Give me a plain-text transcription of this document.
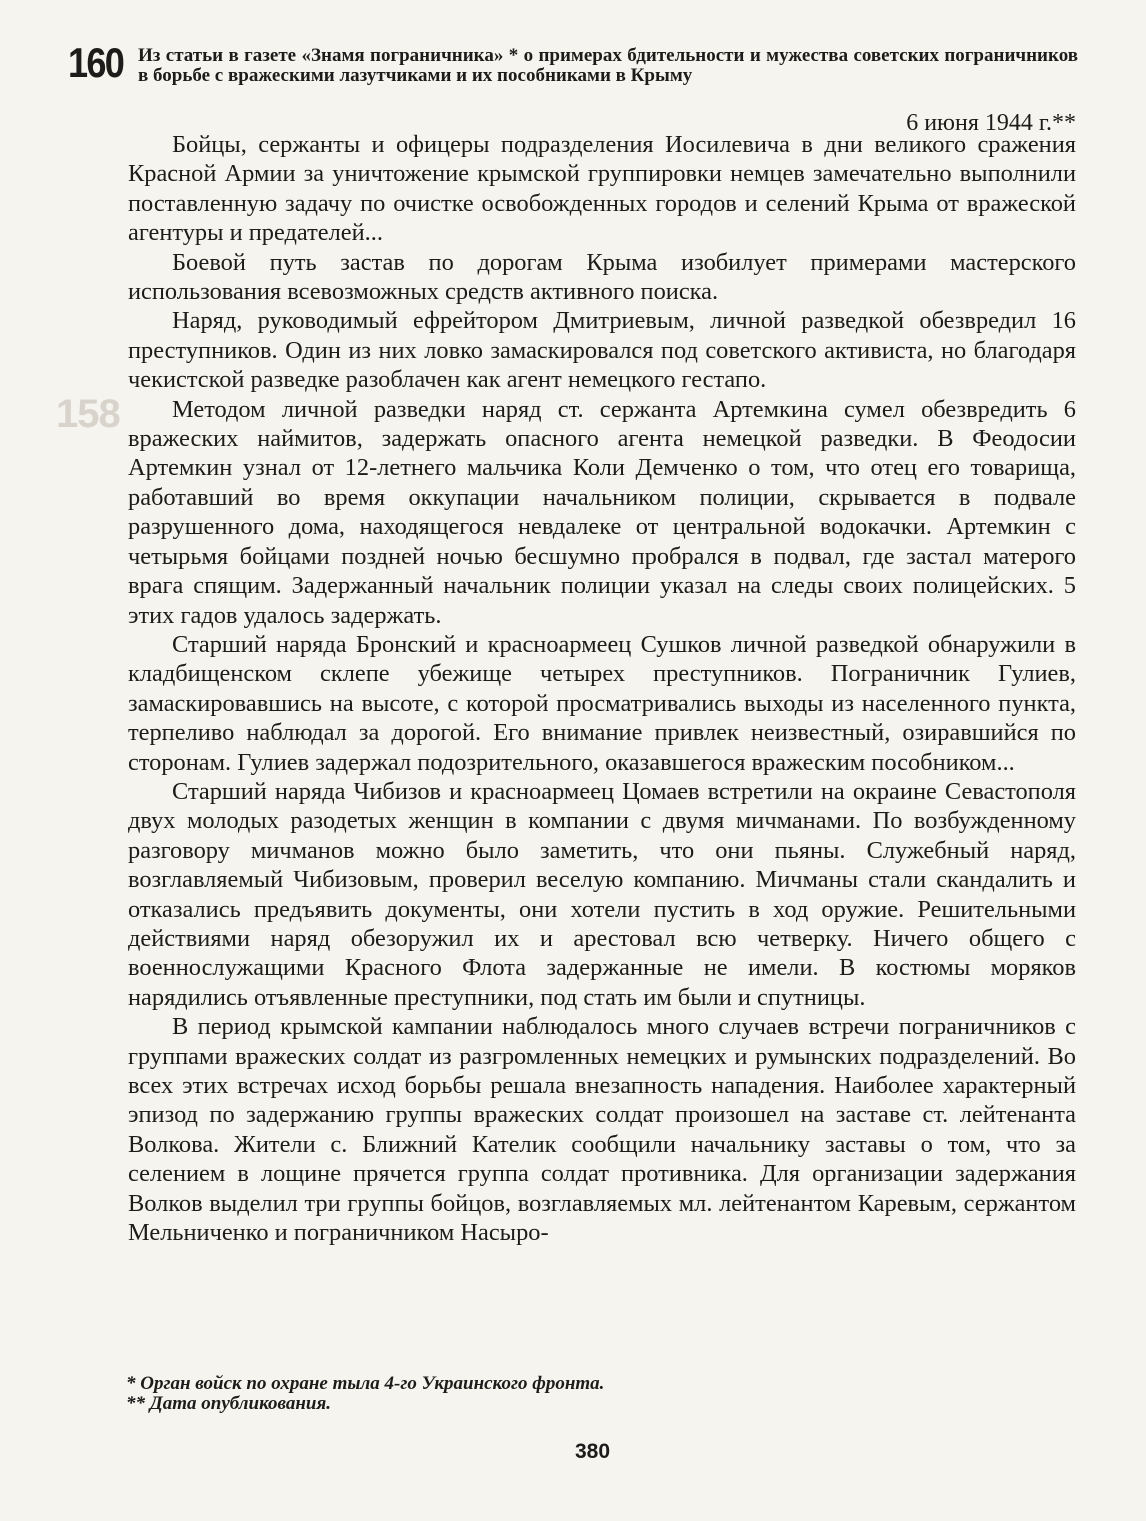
158
160 Из статьи в газете «Знамя пограничника» * о примерах бдительности и мужества советских пограничников в борьбе с вражескими лазутчиками и их пособниками в Крыму
6 июня 1944 г.**

Бойцы, сержанты и офицеры подразделения Иосилевича в дни великого сражения Красной Армии за уничтожение крымской группировки немцев замечательно выполнили поставленную задачу по очистке освобожденных городов и селений Крыма от вражеской агентуры и предателей...

Боевой путь застав по дорогам Крыма изобилует примерами мастерского использования всевозможных средств активного поиска.

Наряд, руководимый ефрейтором Дмитриевым, личной разведкой обезвредил 16 преступников. Один из них ловко замаскировался под советского активиста, но благодаря чекистской разведке разоблачен как агент немецкого гестапо.

Методом личной разведки наряд ст. сержанта Артемкина сумел обезвредить 6 вражеских наймитов, задержать опасного агента немецкой разведки. В Феодосии Артемкин узнал от 12-летнего мальчика Коли Демченко о том, что отец его товарища, работавший во время оккупации начальником полиции, скрывается в подвале разрушенного дома, находящегося невдалеке от центральной водокачки. Артемкин с четырьмя бойцами поздней ночью бесшумно пробрался в подвал, где застал матерого врага спящим. Задержанный начальник полиции указал на следы своих полицейских. 5 этих гадов удалось задержать.

Старший наряда Бронский и красноармеец Сушков личной разведкой обнаружили в кладбищенском склепе убежище четырех преступников. Пограничник Гулиев, замаскировавшись на высоте, с которой просматривались выходы из населенного пункта, терпеливо наблюдал за дорогой. Его внимание привлек неизвестный, озиравшийся по сторонам. Гулиев задержал подозрительного, оказавшегося вражеским пособником...

Старший наряда Чибизов и красноармеец Цомаев встретили на окраине Севастополя двух молодых разодетых женщин в компании с двумя мичманами. По возбужденному разговору мичманов можно было заметить, что они пьяны. Служебный наряд, возглавляемый Чибизовым, проверил веселую компанию. Мичманы стали скандалить и отказались предъявить документы, они хотели пустить в ход оружие. Решительными действиями наряд обезоружил их и арестовал всю четверку. Ничего общего с военнослужащими Красного Флота задержанные не имели. В костюмы моряков нарядились отъявленные преступники, под стать им были и спутницы.

В период крымской кампании наблюдалось много случаев встречи пограничников с группами вражеских солдат из разгромленных немецких и румынских подразделений. Во всех этих встречах исход борьбы решала внезапность нападения. Наиболее характерный эпизод по задержанию группы вражеских солдат произошел на заставе ст. лейтенанта Волкова. Жители с. Ближний Кателик сообщили начальнику заставы о том, что за селением в лощине прячется группа солдат противника. Для организации задержания Волков выделил три группы бойцов, возглавляемых мл. лейтенантом Каревым, сержантом Мельниченко и пограничником Насыро-

* Орган войск по охране тыла 4-го Украинского фронта.
** Дата опубликования.
380
